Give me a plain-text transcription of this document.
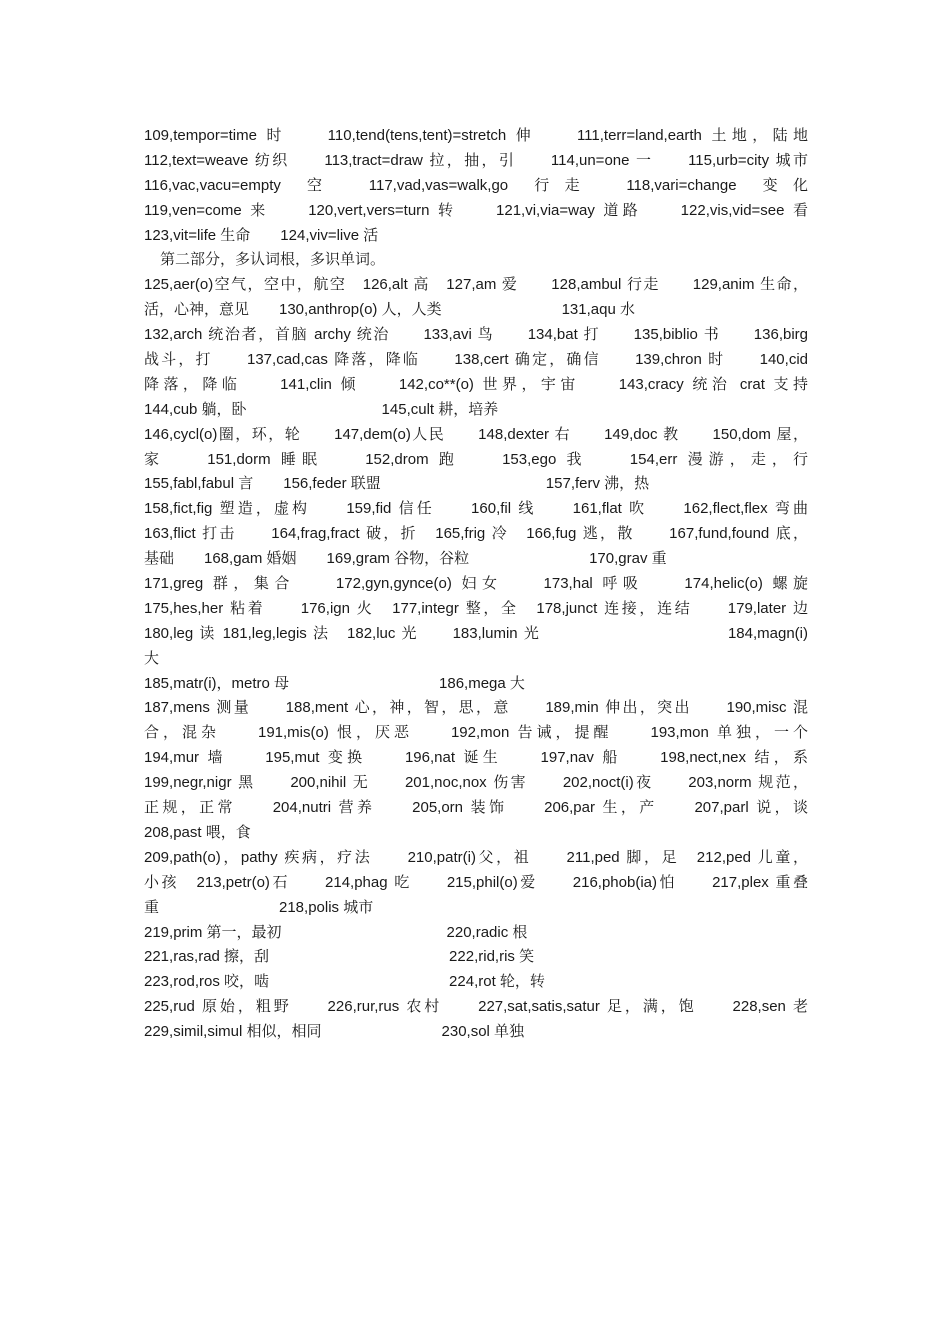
109,tempor=time 时　　110,tend(tens,tent)=stretch 伸　　111,terr=land,earth 土地，陆地
112,text=weave 纺织　　113,tract=draw 拉，抽，引　　114,un=one 一　　115,urb=city 城市
116,vac,vacu=empty　空　　117,vad,vas=walk,go　行 走　　118,vari=change　变 化
119,ven=come 来　　120,vert,vers=turn 转　　121,vi,via=way 道路　　122,vis,vid=see 看
123,vit=life 生命　　124,viv=live 活
第二部分，多认词根，多识单词。
125,aer(o)空气，空中，航空　126,alt 高　127,am 爱　　128,ambul 行走　　129,anim 生命，
活，心神，意见　　130,anthrop(o) 人，人类　　　　　　　　131,aqu 水
132,arch 统治者，首脑 archy 统治　　133,avi 鸟　　134,bat 打　　135,biblio 书　　136,birg
战斗，打　　137,cad,cas 降落，降临　　138,cert 确定，确信　　139,chron 时　　140,cid
降落，降临　　141,clin 倾　　142,co**(o) 世界，宇宙　　143,cracy 统治 crat 支持
144,cub 躺，卧　　　　　　　　　145,cult 耕，培养
146,cycl(o)圈，环，轮　　147,dem(o)人民　　148,dexter 右　　149,doc 教　　150,dom 屋，
家　　151,dorm 睡眠　　152,drom 跑　　153,ego 我　　154,err 漫游，走，行
155,fabl,fabul 言　　156,feder 联盟　　　　　　　　　　　157,ferv 沸，热
158,fict,fig 塑造，虚构　　159,fid 信任　　160,fil 线　　161,flat 吹　　162,flect,flex 弯曲
163,flict 打击　　164,frag,fract 破，折　165,frig 冷　166,fug 逃，散　　167,fund,found 底，
基础　　168,gam 婚姻　　169,gram 谷物，谷粒　　　　　　　　170,grav 重
171,greg 群，集合　　172,gyn,gynce(o) 妇女　　173,hal 呼吸　　174,helic(o) 螺旋
175,hes,her 粘着　　176,ign 火　177,integr 整，全　178,junct 连接，连结　　179,later 边
180,leg 读 181,leg,legis 法　182,luc 光　　183,lumin 光　　　　　　　　　　　184,magn(i)
大
185,matr(i)，metro 母　　　　　　　　　　186,mega 大
187,mens 测量　　188,ment 心，神，智，思，意　　189,min 伸出，突出　　190,misc 混
合，混杂　　191,mis(o) 恨，厌恶　　192,mon 告诫，提醒　　193,mon 单独，一个
194,mur 墙　　195,mut 变换　　196,nat 诞生　　197,nav 船　　198,nect,nex 结，系
199,negr,nigr 黑　　200,nihil 无　　201,noc,nox 伤害　　202,noct(i)夜　　203,norm 规范，
正规，正常　　204,nutri 营养　　205,orn 装饰　　206,par 生，产　　207,parl 说，谈
208,past 喂，食
209,path(o)，pathy 疾病，疗法　　210,patr(i)父，祖　　211,ped 脚，足　212,ped 儿童，
小孩　213,petr(o)石　　214,phag 吃　　215,phil(o)爱　　216,phob(ia)怕　　217,plex 重叠
重　　　　　　　　218,polis 城市
219,prim 第一，最初　　　　　　　　　　　220,radic 根
221,ras,rad 擦，刮　　　　　　　　　　　　222,rid,ris 笑
223,rod,ros 咬，啮　　　　　　　　　　　　224,rot 轮，转
225,rud 原始，粗野　　226,rur,rus 农村　　227,sat,satis,satur 足，满，饱　　228,sen 老
229,simil,simul 相似，相同　　　　　　　　230,sol 单独
